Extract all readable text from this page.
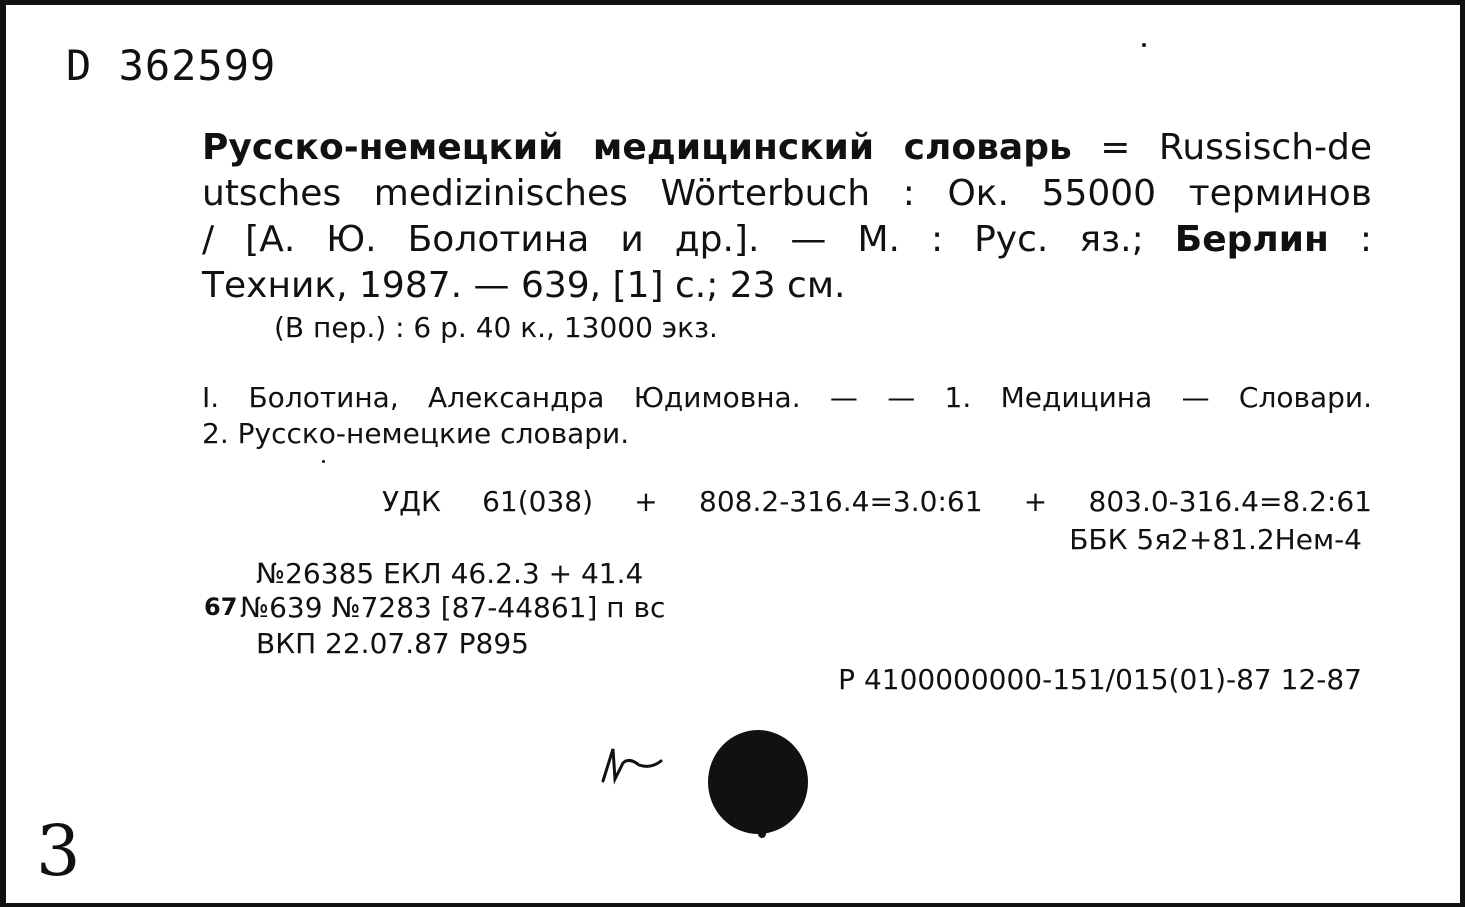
D 362599
Русско-немецкий медицинский словарь = Russisch-de
utsches medizinisches Wörterbuch : Ок. 55000 терминов
/ [А. Ю. Болотина и др.]. — М. : Рус. яз.; Берлин :
Техник, 1987. — 639, [1] с.; 23 см.
(В пер.) : 6 р. 40 к., 13000 экз.
I. Болотина, Александра Юдимовна. — — 1. Медицина — Словари.
2. Русско-немецкие словари.
УДК 61(038) + 808.2-316.4=3.0:61 + 803.0-316.4=8.2:61
ББК 5я2+81.2Нем-4
№26385 ЕКЛ 46.2.3 + 41.4
67 №639 №7283 [87-44861] п вс
ВКП 22.07.87 Р895
Р 4100000000-151/015(01)-87 12-87
3
